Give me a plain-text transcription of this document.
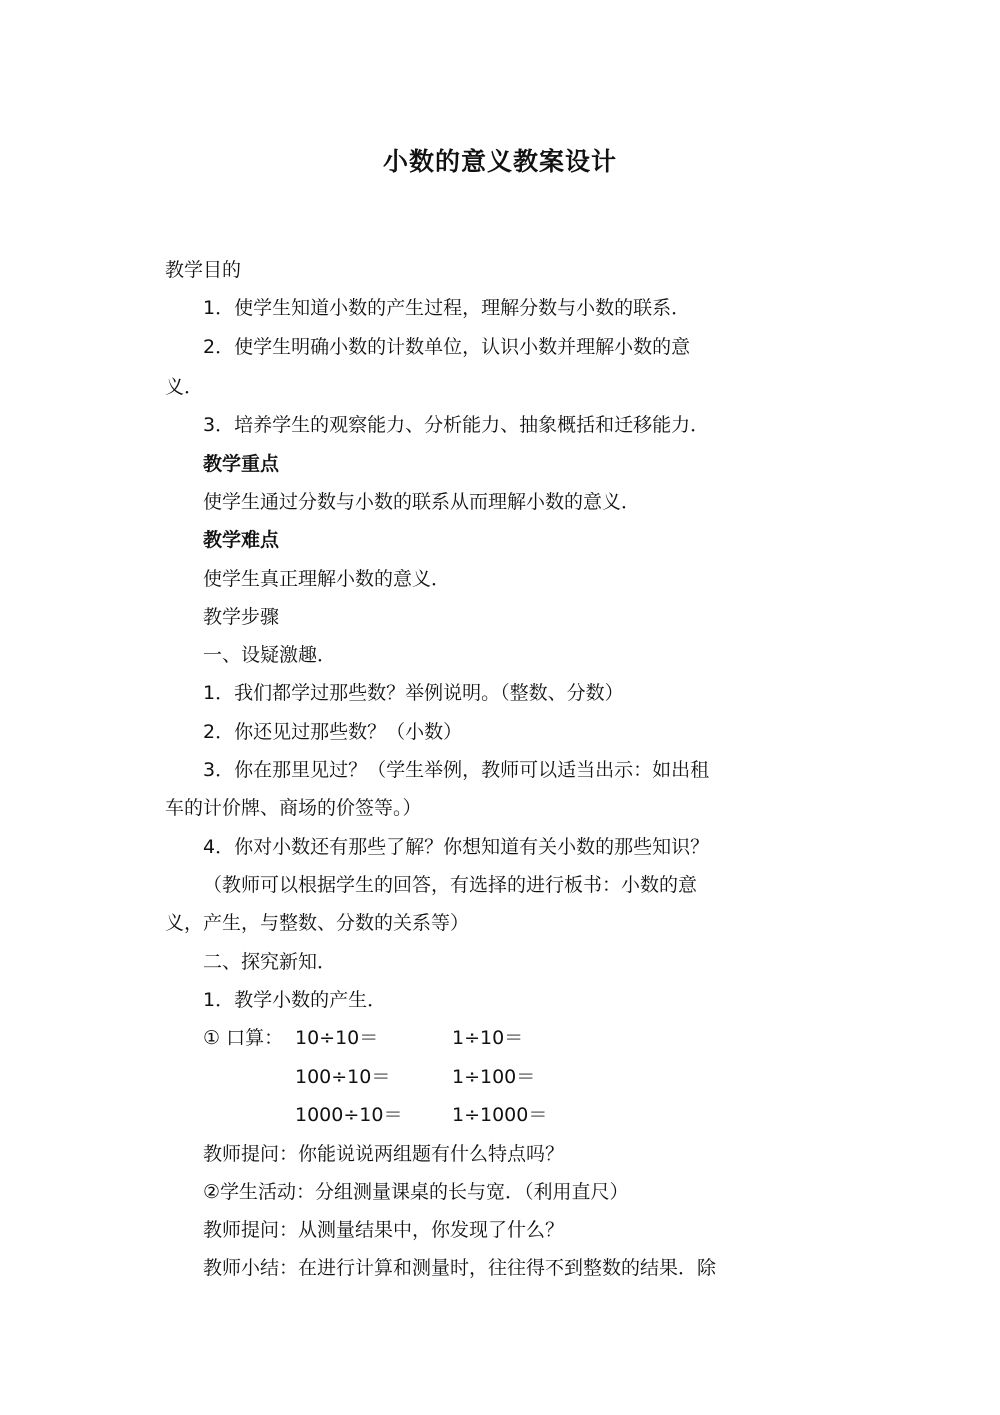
小数的意义教案设计
教学目的
1．使学生知道小数的产生过程，理解分数与小数的联系．
2．使学生明确小数的计数单位，认识小数并理解小数的意
义．
3．培养学生的观察能力、分析能力、抽象概括和迁移能力．
教学重点
使学生通过分数与小数的联系从而理解小数的意义．
教学难点
使学生真正理解小数的意义．
教学步骤
一、设疑激趣．
1．我们都学过那些数？举例说明。（整数、分数）
2．你还见过那些数？（小数）
3．你在那里见过？（学生举例，教师可以适当出示：如出租
车的计价牌、商场的价签等。）
4．你对小数还有那些了解？你想知道有关小数的那些知识？
（教师可以根据学生的回答，有选择的进行板书：小数的意
义，产生，与整数、分数的关系等）
二、探究新知．
1．教学小数的产生．
① 口算： 10÷10＝
100÷10＝
1000÷10＝
1÷10＝
1÷100＝
1÷1000＝
教师提问：你能说说两组题有什么特点吗？
②学生活动：分组测量课桌的长与宽．（利用直尺）
教师提问：从测量结果中，你发现了什么？
教师小结：在进行计算和测量时，往往得不到整数的结果．除
